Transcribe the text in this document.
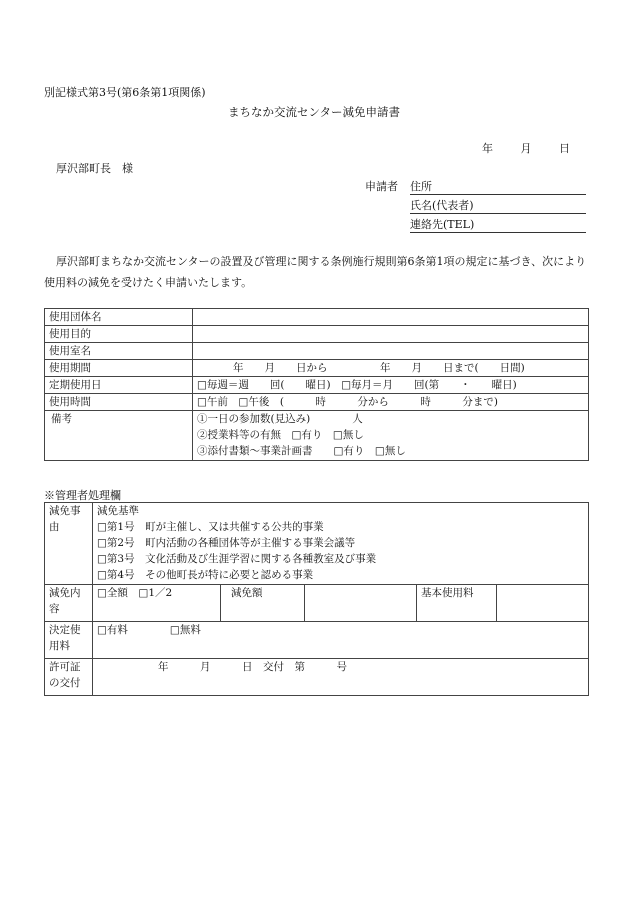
別記様式第3号(第6条第1項関係)
まちなか交流センター減免申請書
年	月	日
厚沢部町長　様
申請者 住所
氏名(代表者)
連絡先(TEL)
厚沢部町まちなか交流センターの設置及び管理に関する条例施行規則第6条第1項の規定に基づき、次により使用料の減免を受けたく申請いたします。
使用団体名	
使用目的	
使用室名	
使用期間	年　　月　　日から　　　　　年　　月　　日まで(　　日間)
定期使用日	□毎週＝週　　回(　　曜日)　□毎月＝月　　回(第　　・　　曜日)
使用時間	□午前　□午後　(　　　時　　　分から　　　時　　　分まで)
備考	①一日の参加数(見込み)　　　　人
②授業料等の有無　□有り　□無し
③添付書類～事業計画書　　□有り　□無し
※管理者処理欄
減免事由	減免基準
□第1号　町が主催し、又は共催する公共的事業
□第2号　町内活動の各種団体等が主催する事業会議等
□第3号　文化活動及び生涯学習に関する各種教室及び事業
□第4号　その他町長が特に必要と認める事業				

減免内容	□全額　□1／2	減免額		基本使用料	
決定使用料	□有料　　　　□無料				
許可証の交付	年　　　月　　　日　交付　第　　　号				
